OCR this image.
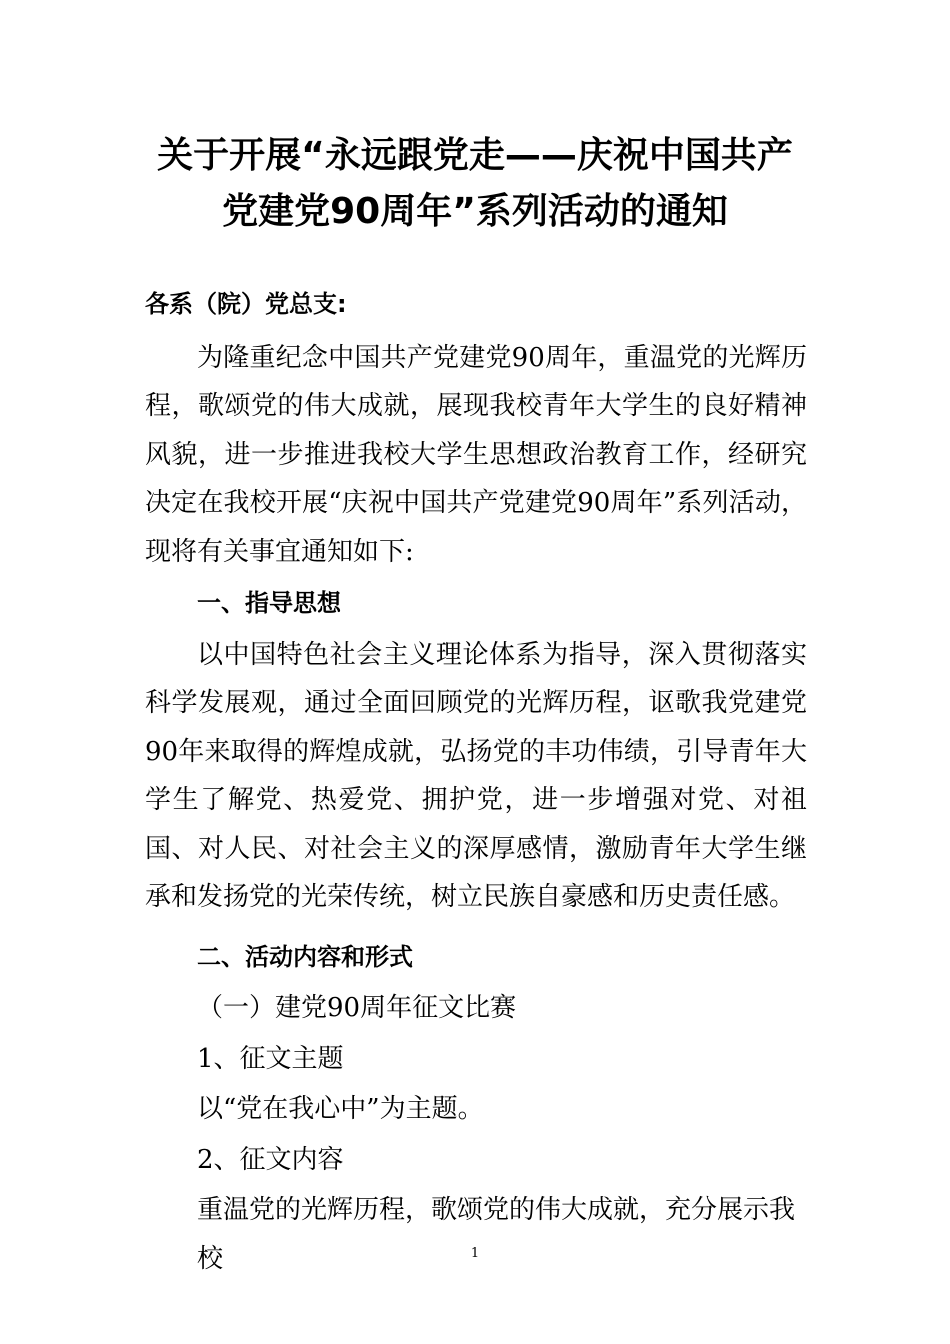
关于开展“永远跟党走——庆祝中国共产
党建党90周年”系列活动的通知

各系（院）党总支:

为隆重纪念中国共产党建党90周年，重温党的光辉历程，歌颂党的伟大成就，展现我校青年大学生的良好精神风貌，进一步推进我校大学生思想政治教育工作，经研究决定在我校开展“庆祝中国共产党建党90周年”系列活动，现将有关事宜通知如下:

一、指导思想

以中国特色社会主义理论体系为指导，深入贯彻落实科学发展观，通过全面回顾党的光辉历程，讴歌我党建党90年来取得的辉煌成就，弘扬党的丰功伟绩，引导青年大学生了解党、热爱党、拥护党，进一步增强对党、对祖国、对人民、对社会主义的深厚感情，激励青年大学生继承和发扬党的光荣传统，树立民族自豪感和历史责任感。

二、活动内容和形式

（一）建党90周年征文比赛

1、征文主题

以“党在我心中”为主题。

2、征文内容

重温党的光辉历程，歌颂党的伟大成就，充分展示我校	1
